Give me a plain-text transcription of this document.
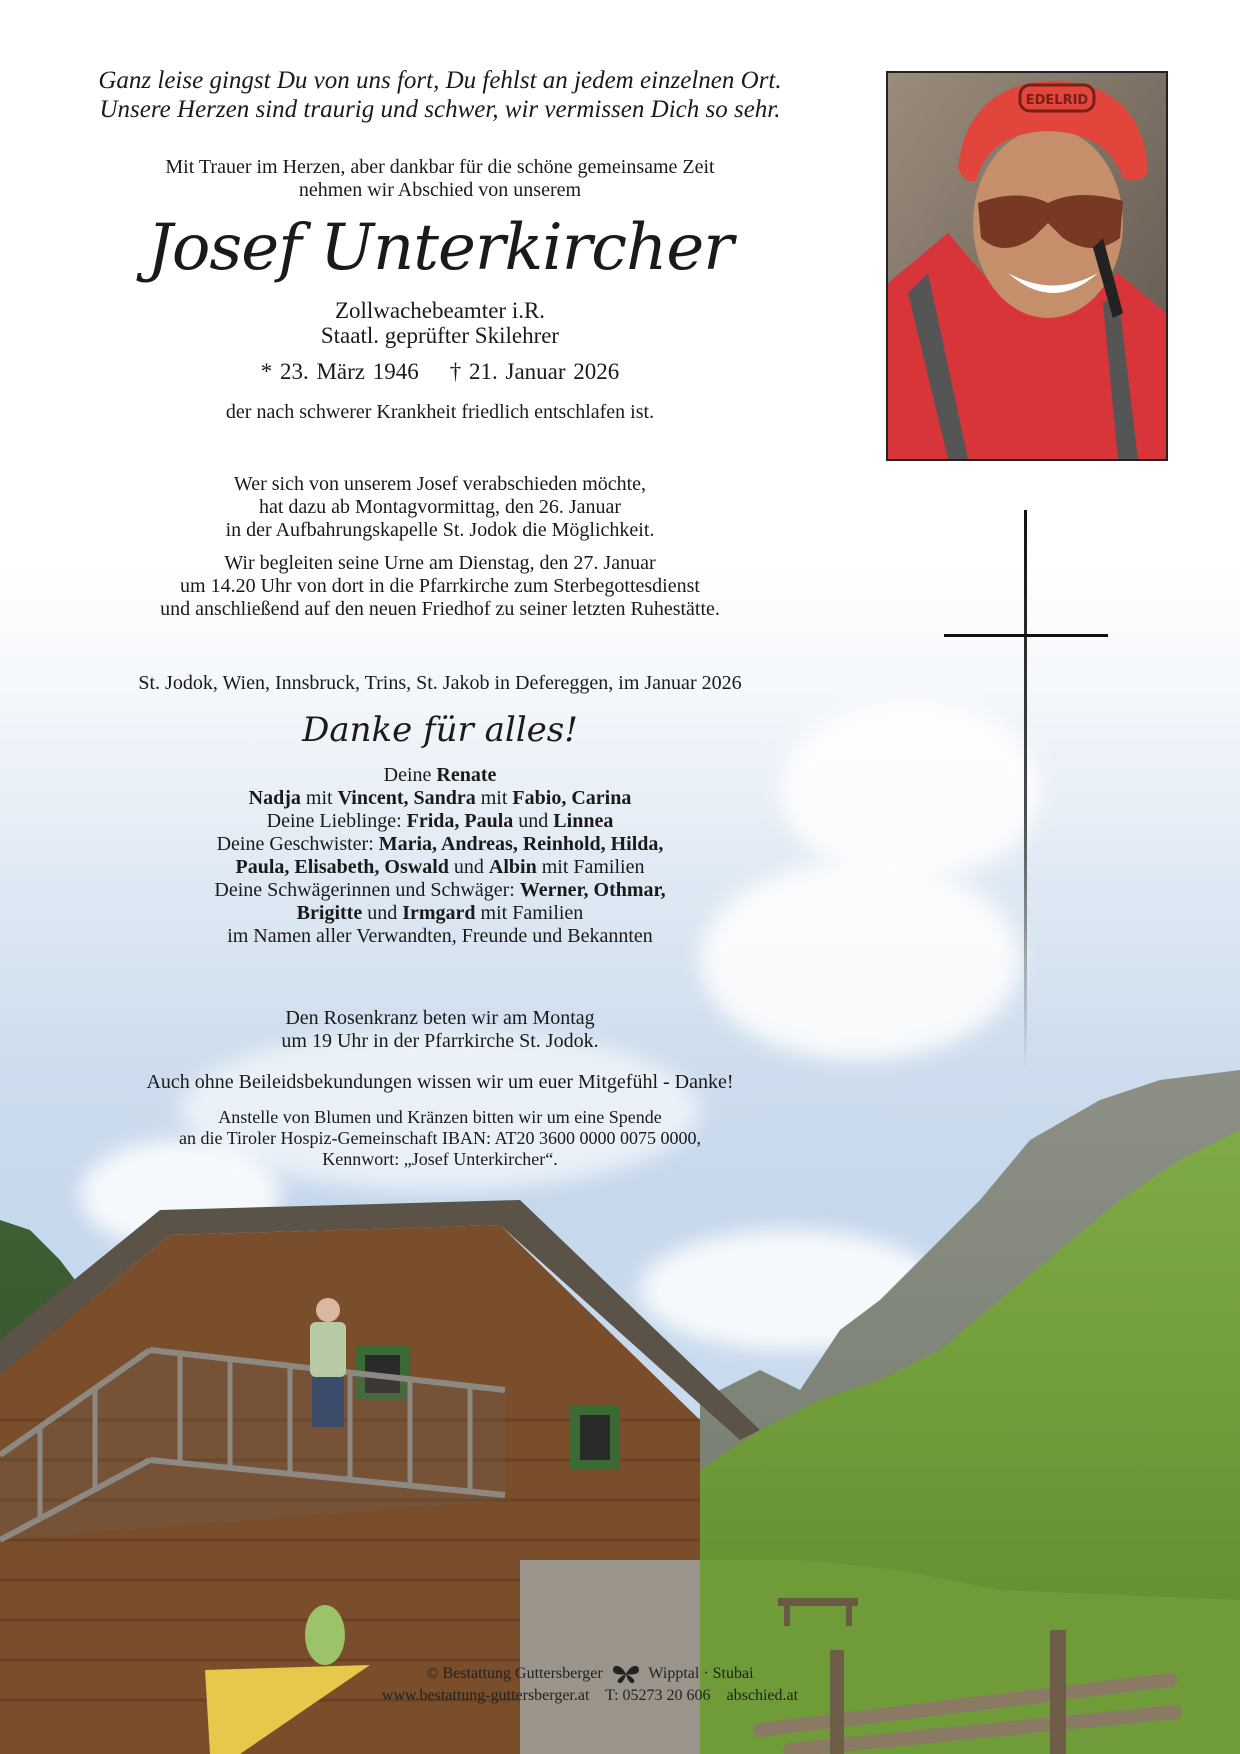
Ganz leise gingst Du von uns fort, Du fehlst an jedem einzelnen Ort.
Unsere Herzen sind traurig und schwer, wir vermissen Dich so sehr.
Mit Trauer im Herzen, aber dankbar für die schöne gemeinsame Zeit
nehmen wir Abschied von unserem
Josef Unterkircher
Zollwachebeamter i.R.
Staatl. geprüfter Skilehrer
* 23. März 1946 † 21. Januar 2026
der nach schwerer Krankheit friedlich entschlafen ist.
Wer sich von unserem Josef verabschieden möchte,
hat dazu ab Montagvormittag, den 26. Januar
in der Aufbahrungskapelle St. Jodok die Möglichkeit.
Wir begleiten seine Urne am Dienstag, den 27. Januar
um 14.20 Uhr von dort in die Pfarrkirche zum Sterbegottesdienst
und anschließend auf den neuen Friedhof zu seiner letzten Ruhestätte.
St. Jodok, Wien, Innsbruck, Trins, St. Jakob in Defereggen, im Januar 2026
Danke für alles!
Deine Renate
Nadja mit Vincent, Sandra mit Fabio, Carina
Deine Lieblinge: Frida, Paula und Linnea
Deine Geschwister: Maria, Andreas, Reinhold, Hilda,
Paula, Elisabeth, Oswald und Albin mit Familien
Deine Schwägerinnen und Schwäger: Werner, Othmar,
Brigitte und Irmgard mit Familien
im Namen aller Verwandten, Freunde und Bekannten
Den Rosenkranz beten wir am Montag
um 19 Uhr in der Pfarrkirche St. Jodok.
Auch ohne Beileidsbekundungen wissen wir um euer Mitgefühl - Danke!
Anstelle von Blumen und Kränzen bitten wir um eine Spende
an die Tiroler Hospiz-Gemeinschaft IBAN: AT20 3600 0000 0075 0000,
Kennwort: „Josef Unterkircher“.
EDELRID
© Bestattung Guttersberger	Wipptal · Stubai
www.bestattung-guttersberger.at T: 05273 20 606 abschied.at
